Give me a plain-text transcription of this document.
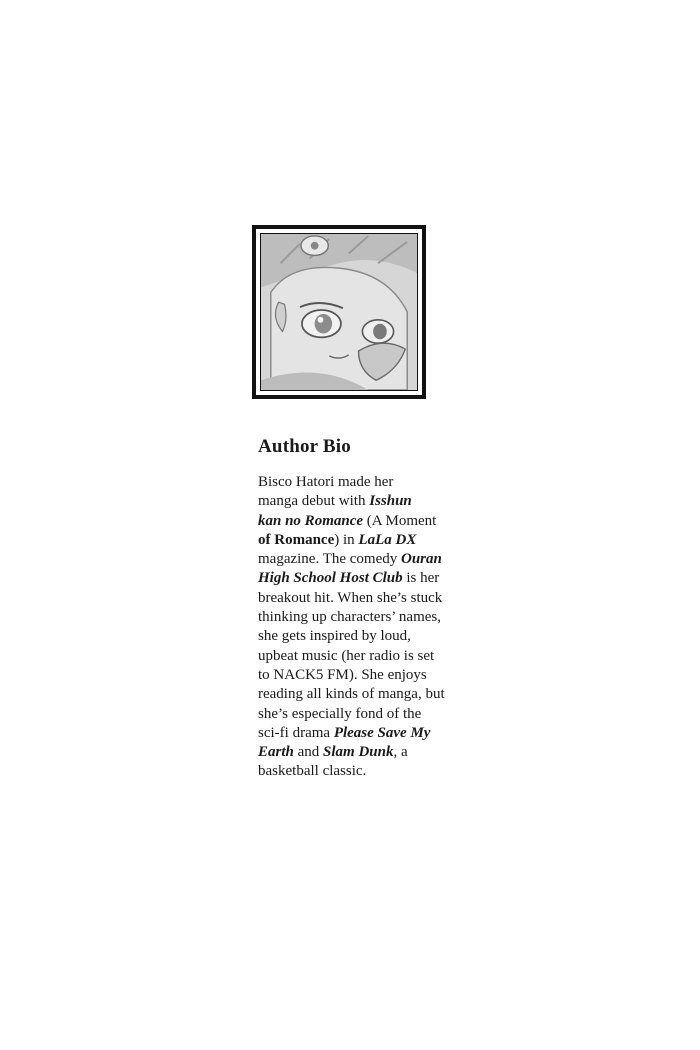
Author Bio

Bisco Hatori made her
manga debut with Isshun
kan no Romance (A Moment
of Romance) in LaLa DX
magazine. The comedy Ouran
High School Host Club is her
breakout hit. When she’s stuck
thinking up characters’ names,
she gets inspired by loud,
upbeat music (her radio is set
to NACK5 FM). She enjoys
reading all kinds of manga, but
she’s especially fond of the
sci-fi drama Please Save My
Earth and Slam Dunk, a
basketball classic.
